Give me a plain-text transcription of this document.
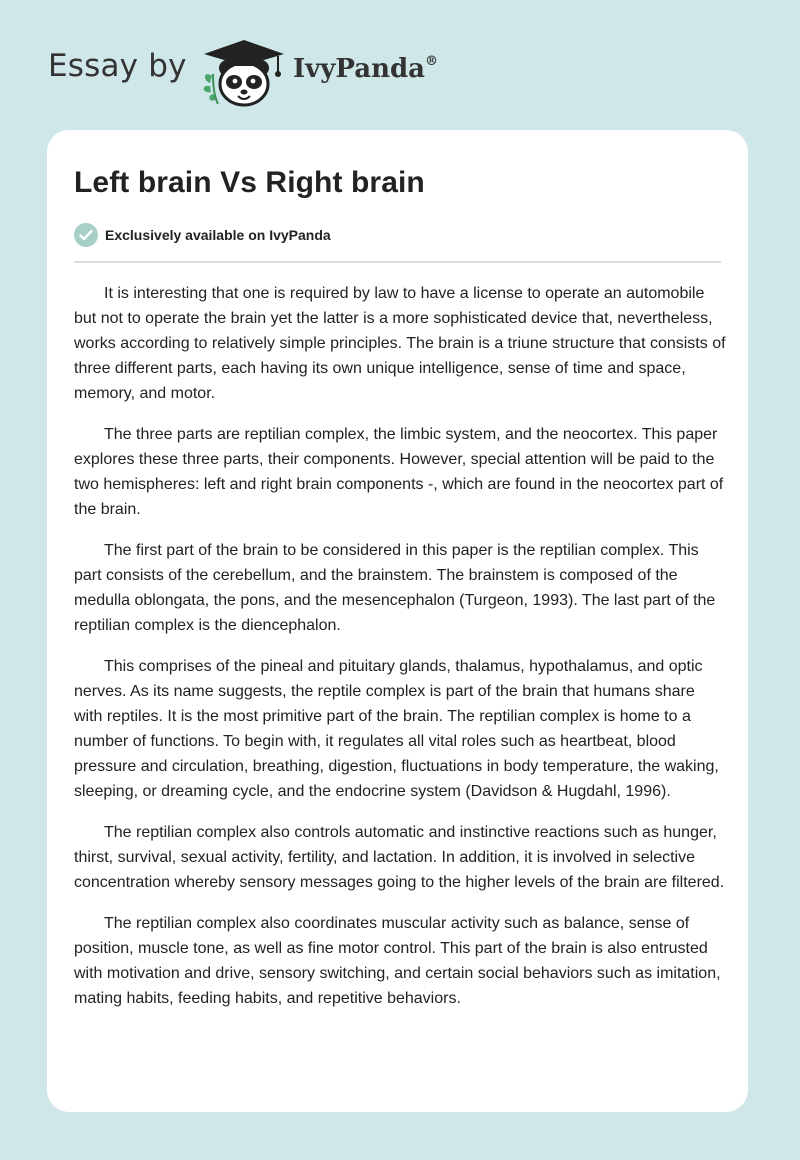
Essay by	IvyPanda®
Left brain Vs Right brain
Exclusively available on IvyPanda

It is interesting that one is required by law to have a license to operate an automobile but not to operate the brain yet the latter is a more sophisticated device that, nevertheless, works according to relatively simple principles. The brain is a triune structure that consists of three different parts, each having its own unique intelligence, sense of time and space, memory, and motor.

The three parts are reptilian complex, the limbic system, and the neocortex. This paper explores these three parts, their components. However, special attention will be paid to the two hemispheres: left and right brain components -, which are found in the neocortex part of the brain.

The first part of the brain to be considered in this paper is the reptilian complex. This part consists of the cerebellum, and the brainstem. The brainstem is composed of the medulla oblongata, the pons, and the mesencephalon (Turgeon, 1993). The last part of the reptilian complex is the diencephalon.

This comprises of the pineal and pituitary glands, thalamus, hypothalamus, and optic nerves. As its name suggests, the reptile complex is part of the brain that humans share with reptiles. It is the most primitive part of the brain. The reptilian complex is home to a number of functions. To begin with, it regulates all vital roles such as heartbeat, blood pressure and circulation, breathing, digestion, fluctuations in body temperature, the waking, sleeping, or dreaming cycle, and the endocrine system (Davidson & Hugdahl, 1996).

The reptilian complex also controls automatic and instinctive reactions such as hunger, thirst, survival, sexual activity, fertility, and lactation. In addition, it is involved in selective concentration whereby sensory messages going to the higher levels of the brain are filtered.

The reptilian complex also coordinates muscular activity such as balance, sense of position, muscle tone, as well as fine motor control. This part of the brain is also entrusted with motivation and drive, sensory switching, and certain social behaviors such as imitation, mating habits, feeding habits, and repetitive behaviors.
